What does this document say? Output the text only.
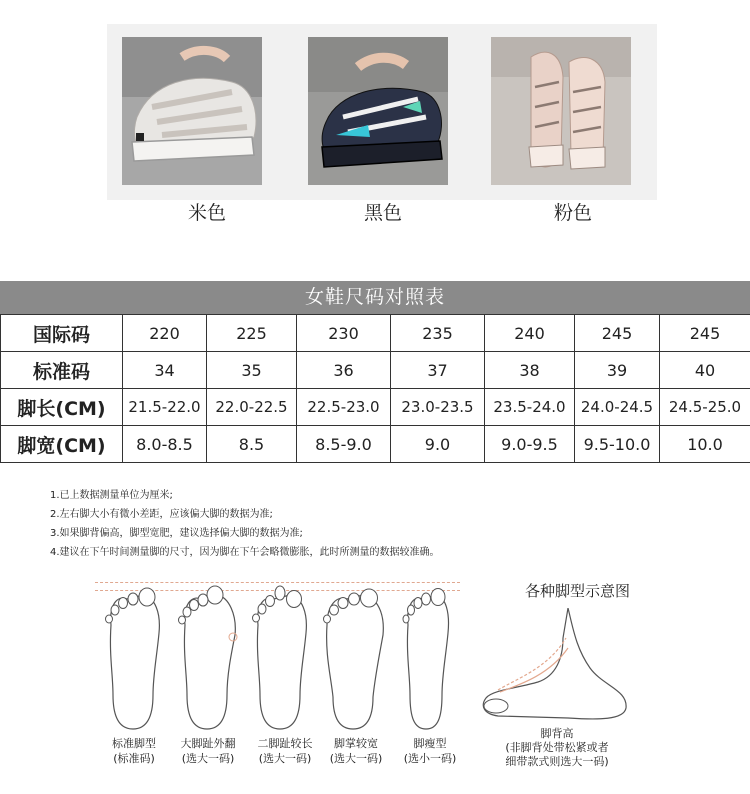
米色	黑色	粉色
女鞋尺码对照表
国际码	220	225	230	235	240	245	245
标准码	34	35	36	37	38	39	40
脚长(CM)	21.5-22.0	22.0-22.5	22.5-23.0	23.0-23.5	23.5-24.0	24.0-24.5	24.5-25.0
脚宽(CM)	8.0-8.5	8.5	8.5-9.0	9.0	9.0-9.5	9.5-10.0	10.0
1.已上数据测量单位为厘米;
2.左右脚大小有微小差距，应该偏大脚的数据为准;
3.如果脚背偏高，脚型宽肥，建议选择偏大脚的数据为准;
4.建议在下午时间测量脚的尺寸，因为脚在下午会略微膨胀，此时所测量的数据较准确。
各种脚型示意图
标准脚型
(标准码)
大脚趾外翻
(选大一码)
二脚趾较长
(选大一码)
脚掌较宽
(选大一码)
脚瘦型
(选小一码)
脚背高
(非脚背处带松紧或者
细带款式则选大一码)
